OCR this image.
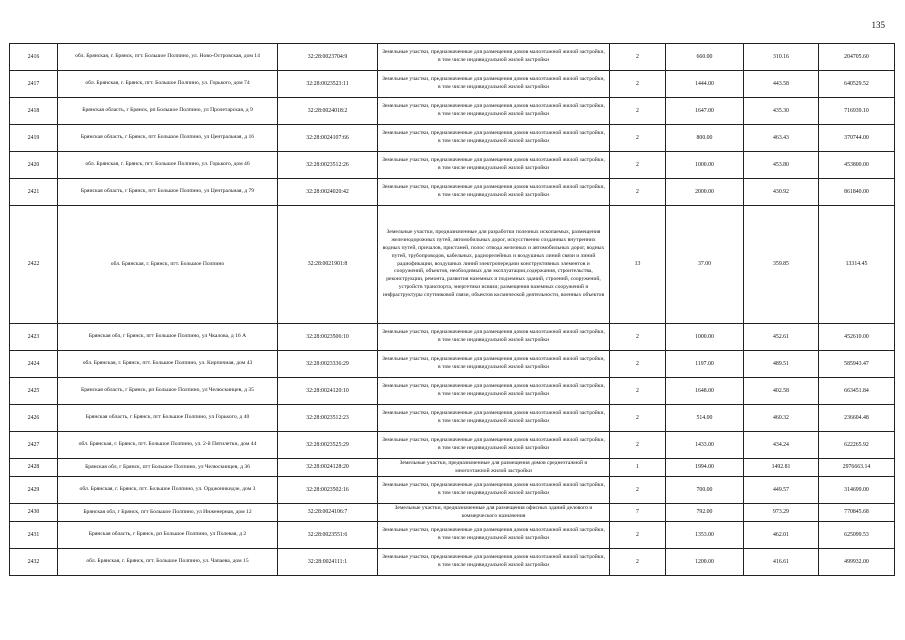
135
2416	обл. Брянская, г. Брянск, пгт. Большое Полпино, ул. Ново-Островская, дом 14	32:28:0023704:9	Земельные участки, предназначенные для размещения домов малоэтажной жилой застройки, в том числе индивидуальной жилой застройки	2	660.00	310.16	204705.60
2417	обл. Брянская, г. Брянск, пгт. Большое Полпино, ул. Горького, дом 74	32:28:0023523:11	Земельные участки, предназначенные для размещения домов малоэтажной жилой застройки, в том числе индивидуальной жилой застройки	2	1444.00	443.58	640529.52
2418	Брянская область, г Брянск, рп Большое Полпино, ул Пролетарская, д 9	32:28:0024018:2	Земельные участки, предназначенные для размещения домов малоэтажной жилой застройки, в том числе индивидуальной жилой застройки	2	1647.00	435.30	716939.10
2419	Брянская область, г Брянск, пгт Большое Полпино, ул Центральная, д 16	32:28:0024107:66	Земельные участки, предназначенные для размещения домов малоэтажной жилой застройки, в том числе индивидуальной жилой застройки	2	800.00	463.43	370744.00
2420	обл. Брянская, г. Брянск, пгт. Большое Полпино, ул. Горького, дом 46	32:28:0023512:26	Земельные участки, предназначенные для размещения домов малоэтажной жилой застройки, в том числе индивидуальной жилой застройки	2	1000.00	453.80	453800.00
2421	Брянская область, г Брянск, пгт Большое Полпино, ул Центральная, д 79	32:28:0024020:42	Земельные участки, предназначенные для размещения домов малоэтажной жилой застройки, в том числе индивидуальной жилой застройки	2	2000.00	430.92	861840.00
2422	обл. Брянская, г. Брянск, пгт. Большое Полпино	32:28:0021901:8	Земельные участки, предназначенные для разработки полезных ископаемых, размещения железнодорожных путей, автомобильных дорог, искусственно созданных внутренних водных путей, причалов, пристаней, полос отвода железных и автомобильных дорог, водных путей, трубопроводов, кабельных, радиорелейных и воздушных линий связи и линий радиофикации, воздушных линий электропередачи конструктивных элементов и сооружений, объектов, необходимых для эксплуатации,содержания, строительства, реконструкции, ремонта, развития наземных и подземных зданий, строений, сооружений, устройств транспорта, энергетики исвязи; размещения наземных сооружений и инфраструктуры спутниковой связи, объектов космической деятельности, военных объектов	13	37.00	359.85	13314.45
2423	Брянская обл, г Брянск, пгт Большое Полпино, ул Чкалова, д 16 А	32:28:0023506:10	Земельные участки, предназначенные для размещения домов малоэтажной жилой застройки, в том числе индивидуальной жилой застройки	2	1000.00	452.61	452610.00
2424	обл. Брянская, г. Брянск, пгт. Большое Полпино, ул. Кирпичная, дом 43	32:28:0023336:29	Земельные участки, предназначенные для размещения домов малоэтажной жилой застройки, в том числе индивидуальной жилой застройки	2	1197.00	489.51	585943.47
2425	Брянская область, г Брянск, рп Большое Полпино, ул Челюскинцев, д 35	32:28:0024120:10	Земельные участки, предназначенные для размещения домов малоэтажной жилой застройки, в том числе индивидуальной жилой застройки	2	1648.00	402.58	663451.84
2426	Брянская область, г Брянск, пгт Большое Полпино, ул Горького, д 40	32:28:0023512:23	Земельные участки, предназначенные для размещения домов малоэтажной жилой застройки, в том числе индивидуальной жилой застройки	2	514.00	460.32	236604.48
2427	обл. Брянская, г. Брянск, пгт. Большое Полпино, ул. 2-й Пятилетки, дом 44	32:28:0023525:29	Земельные участки, предназначенные для размещения домов малоэтажной жилой застройки, в том числе индивидуальной жилой застройки	2	1433.00	434.24	622265.92
2428	Брянская обл, г Брянск, пгт Большое Полпино, ул Челюскинцев, д 36	32:28:0024128:20	Земельные участки, предназначенные для размещения домов среднеэтажной и многоэтажной жилой застройки	1	1994.00	1492.81	2976663.14
2429	обл. Брянская, г. Брянск, пгт. Большое Полпино, ул. Орджоникидзе, дом 3	32:28:0023502:16	Земельные участки, предназначенные для размещения домов малоэтажной жилой застройки, в том числе индивидуальной жилой застройки	2	700.00	449.57	314699.00
2430	Брянская обл, г Брянск, пгт Большое Полпино, ул Инженерная, дом 12	32:28:0024106:7	Земельные участки, предназначенные для размещения офисных зданий делового и коммерческого назначения	7	792.00	973.29	770845.68
2431	Брянская область, г Брянск, рп Большое Полпино, ул Полевая, д 2	32:28:0023551:6	Земельные участки, предназначенные для размещения домов малоэтажной жилой застройки, в том числе индивидуальной жилой застройки	2	1353.00	462.01	625099.53
2432	обл. Брянская, г. Брянск, пгт. Большое Полпино, ул. Чапаева, дом 15	32:28:0024111:1	Земельные участки, предназначенные для размещения домов малоэтажной жилой застройки, в том числе индивидуальной жилой застройки	2	1200.00	416.61	499932.00
